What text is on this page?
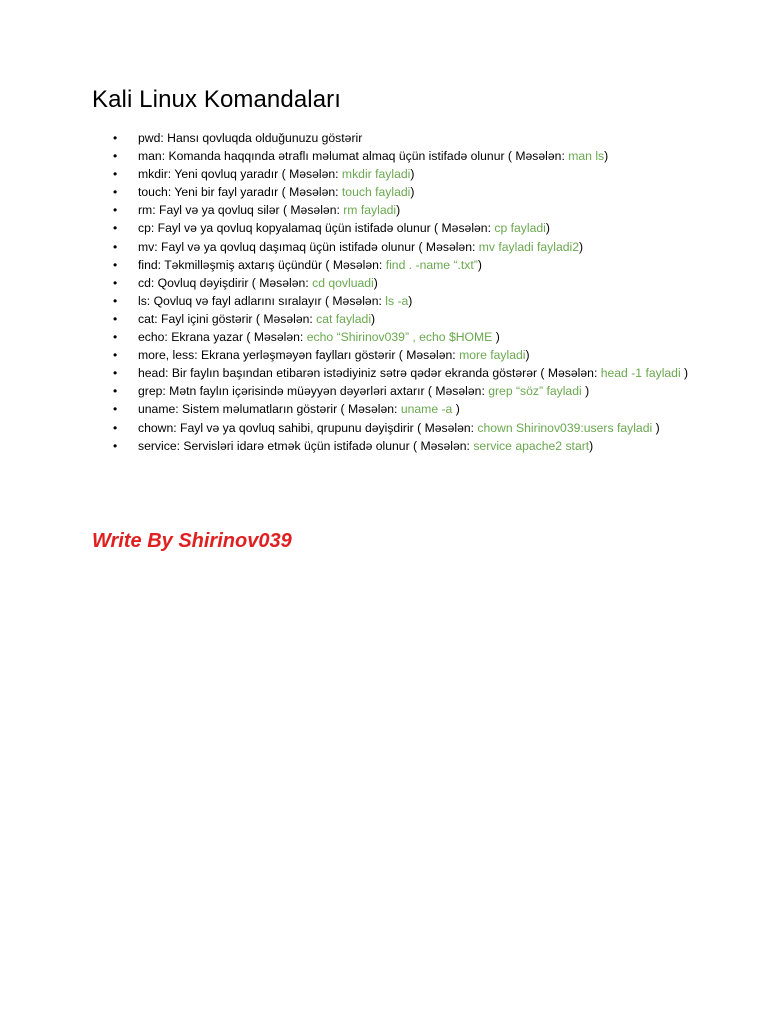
Kali Linux Komandaları
• pwd: Hansı qovluqda olduğunuzu göstərir
• man: Komanda haqqında ətraflı məlumat almaq üçün istifadə olunur ( Məsələn: man ls)
• mkdir: Yeni qovluq yaradır ( Məsələn: mkdir fayladi)
• touch: Yeni bir fayl yaradır ( Məsələn: touch fayladi)
• rm: Fayl və ya qovluq silər ( Məsələn: rm fayladi)
• cp: Fayl və ya qovluq kopyalamaq üçün istifadə olunur ( Məsələn: cp fayladi)
• mv: Fayl və ya qovluq daşımaq üçün istifadə olunur ( Məsələn: mv fayladi fayladi2)
• find: Təkmilləşmiş axtarış üçündür ( Məsələn: find . -name “.txt”)
• cd: Qovluq dəyişdirir ( Məsələn: cd qovluadi)
• ls: Qovluq və fayl adlarını sıralayır ( Məsələn: ls -a)
• cat: Fayl içini göstərir ( Məsələn: cat fayladi)
• echo: Ekrana yazar ( Məsələn: echo “Shirinov039” , echo $HOME )
• more, less: Ekrana yerləşməyən faylları göstərir ( Məsələn: more fayladi)
• head: Bir faylın başından etibarən istədiyiniz sətrə qədər ekranda göstərər ( Məsələn: head -1 fayladi )
• grep: Mətn faylın içərisində müəyyən dəyərləri axtarır ( Məsələn: grep “söz” fayladi )
• uname: Sistem məlumatların göstərir ( Məsələn: uname -a )
• chown: Fayl və ya qovluq sahibi, qrupunu dəyişdirir ( Məsələn: chown Shirinov039:users fayladi )
• service: Servisləri idarə etmək üçün istifadə olunur ( Məsələn: service apache2 start)

Write By Shirinov039
